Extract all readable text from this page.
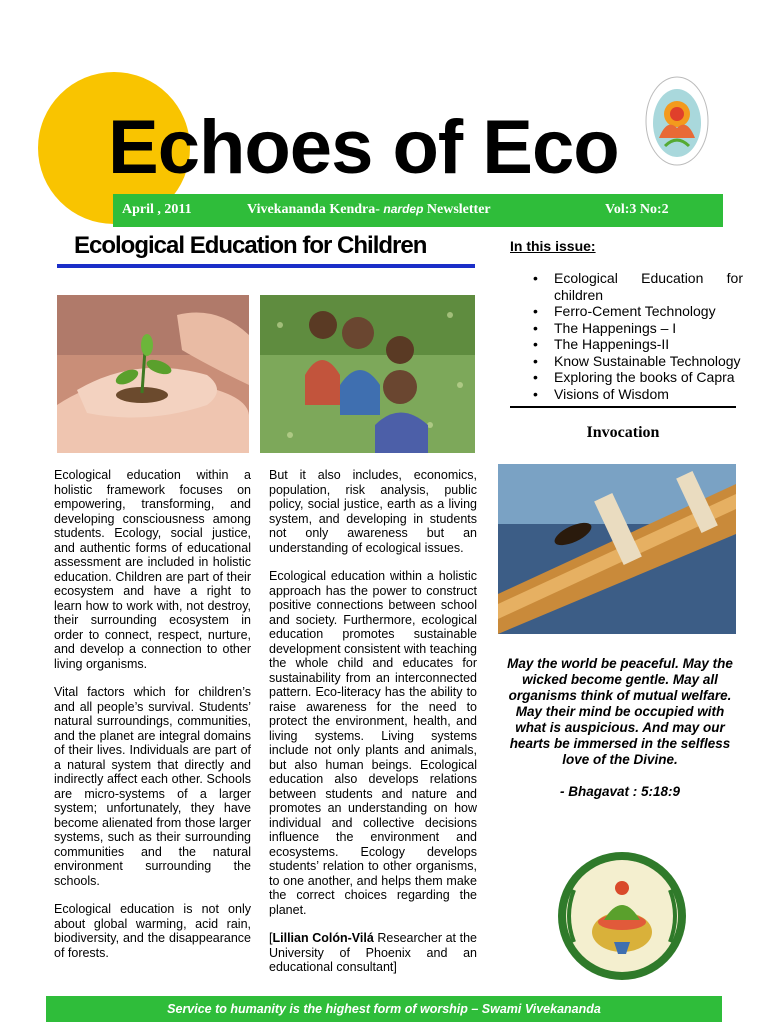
Echoes of Eco
April , 2011	Vivekananda Kendra- nardep Newsletter	Vol:3 No:2
Ecological Education for Children	In this issue:
• Ecological Education for children
• Ferro-Cement Technology
• The Happenings – I
• The Happenings-II
• Know Sustainable Technology
• Exploring the books of Capra
• Visions of Wisdom
Invocation

Ecological education within a holistic framework focuses on empowering, transforming, and developing consciousness among students. Ecology, social justice, and authentic forms of educational assessment are included in holistic education. Children are part of their ecosystem and have a right to learn how to work with, not destroy, their surrounding ecosystem in order to connect, respect, nurture, and develop a connection to other living organisms.

Vital factors which for children’s and all people’s survival. Students’ natural surroundings, communities, and the planet are integral domains of their lives. Individuals are part of a natural system that directly and indirectly affect each other. Schools are micro-systems of a larger system; unfortunately, they have become alienated from those larger systems, such as their surrounding communities and the natural environment surrounding the schools.

Ecological education is not only about global warming, acid rain, biodiversity, and the disappearance of forests.

But it also includes, economics, population, risk analysis, public policy, social justice, earth as a living system, and developing in students not only awareness but an understanding of ecological issues.

Ecological education within a holistic approach has the power to construct positive connections between school and society. Furthermore, ecological education promotes sustainable development consistent with teaching the whole child and educates for sustainability from an interconnected pattern. Eco-literacy has the ability to raise awareness for the need to protect the environment, health, and living systems. Living systems include not only plants and animals, but also human beings. Ecological education also develops relations between students and nature and promotes an understanding on how individual and collective decisions influence the environment and ecosystems. Ecology develops students’ relation to other organisms, to one another, and helps them make the correct choices regarding the planet.

[Lillian Colón-Vilá Researcher at the University of Phoenix and an educational consultant]

May the world be peaceful. May the wicked become gentle. May all organisms think of mutual welfare. May their mind be occupied with what is auspicious. And may our hearts be immersed in the selfless love of the Divine.
- Bhagavat : 5:18:9
Service to humanity is the highest form of worship – Swami Vivekananda
